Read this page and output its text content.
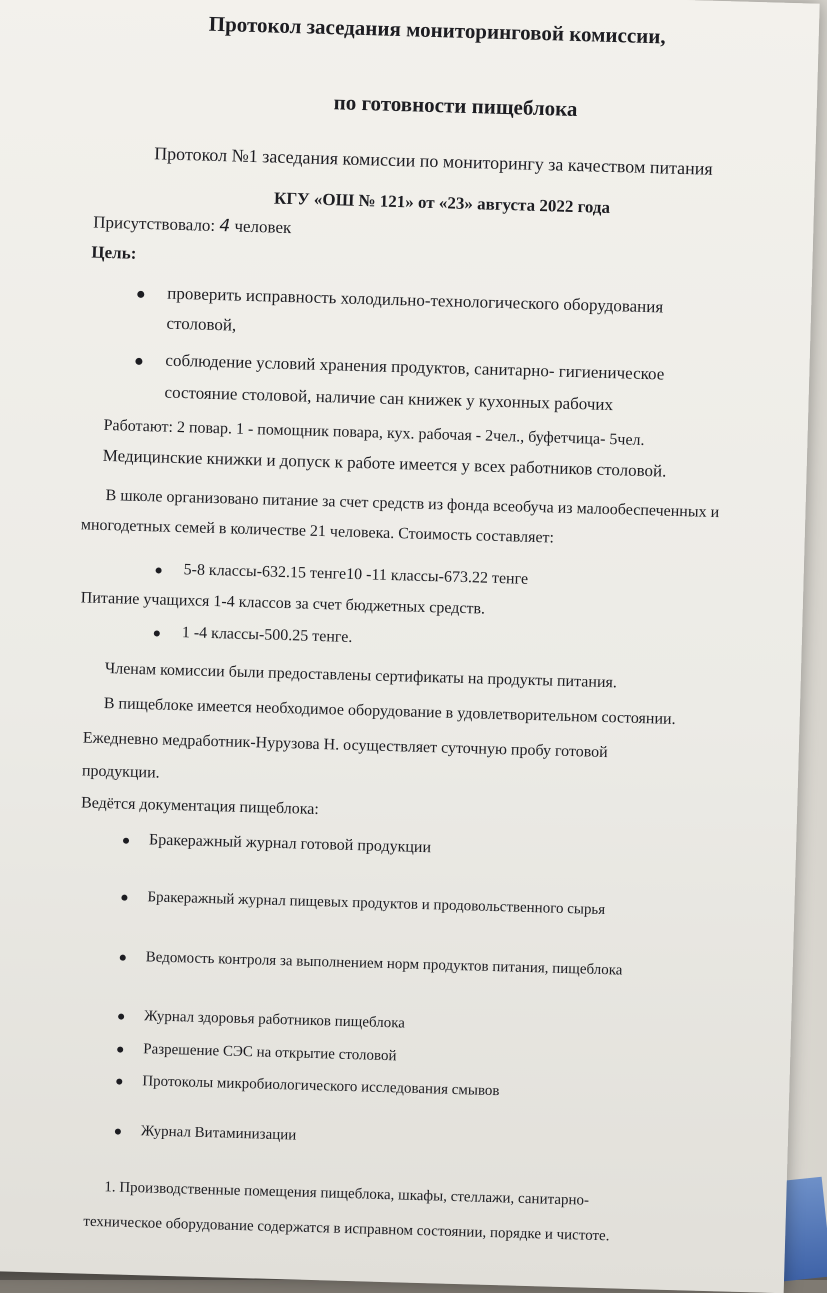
Протокол заседания мониторинговой комиссии,
по готовности пищеблока
Протокол №1 заседания комиссии по мониторингу за качеством питания
КГУ «ОШ № 121» от «23» августа 2022 года
Присутствовало: 4 человек
Цель:
проверить исправность холодильно-технологического оборудования
столовой,
соблюдение условий хранения продуктов, санитарно- гигиеническое
состояние столовой, наличие сан книжек у кухонных рабочих
Работают: 2 повар. 1 - помощник повара, кух. рабочая - 2чел., буфетчица- 5чел.
Медицинские книжки и допуск к работе имеется у всех работников столовой.
В школе организовано питание за счет средств из фонда всеобуча из малообеспеченных и
многодетных семей в количестве 21 человека. Стоимость составляет:
5-8 классы-632.15 тенге10 -11 классы-673.22 тенге
Питание учащихся 1-4 классов за счет бюджетных средств.
1 -4 классы-500.25 тенге.
Членам комиссии были предоставлены сертификаты на продукты питания.
В пищеблоке имеется необходимое оборудование в удовлетворительном состоянии.
Ежедневно медработник-Нурузова Н. осуществляет суточную пробу готовой
продукции.
Ведётся документация пищеблока:
Бракеражный журнал готовой продукции
Бракеражный журнал пищевых продуктов и продовольственного сырья
Ведомость контроля за выполнением норм продуктов питания, пищеблока
Журнал здоровья работников пищеблока
Разрешение СЭС на открытие столовой
Протоколы микробиологического исследования смывов
Журнал Витаминизации
1. Производственные помещения пищеблока, шкафы, стеллажи, санитарно-
техническое оборудование содержатся в исправном состоянии, порядке и чистоте.
